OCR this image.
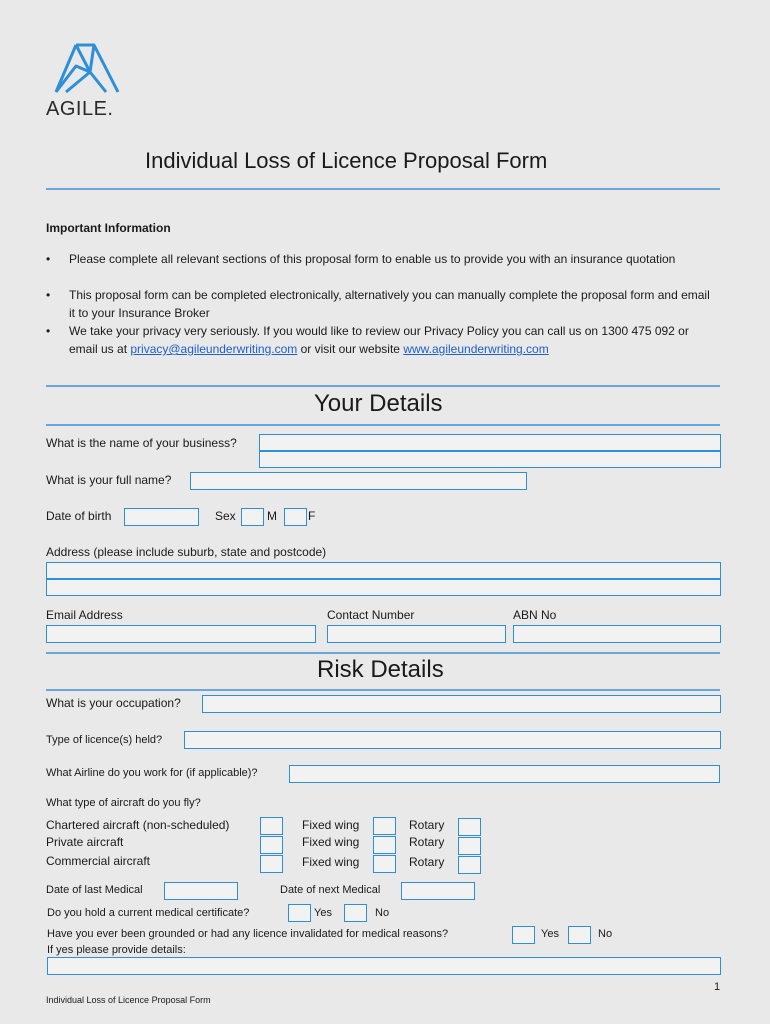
AGILE.
Individual Loss of Licence Proposal Form
Important Information
• Please complete all relevant sections of this proposal form to enable us to provide you with an insurance quotation
• This proposal form can be completed electronically, alternatively you can manually complete the proposal form and email it to your Insurance Broker
• We take your privacy very seriously. If you would like to review our Privacy Policy you can call us on 1300 475 092 or email us at privacy@agileunderwriting.com or visit our website www.agileunderwriting.com
Your Details
What is the name of your business?
What is your full name?
Date of birth	Sex	M	F
Address (please include suburb, state and postcode)
Email Address	Contact Number	ABN No
Risk Details
What is your occupation?
Type of licence(s) held?
What Airline do you work for (if applicable)?
What type of aircraft do you fly?
Chartered aircraft (non-scheduled)	Fixed wing	Rotary
Private aircraft	Fixed wing	Rotary
Commercial aircraft	Fixed wing	Rotary
Date of last Medical	Date of next Medical
Do you hold a current medical certificate?	Yes	No
Have you ever been grounded or had any licence invalidated for medical reasons?	Yes	No
If yes please provide details:
1
Individual Loss of Licence Proposal Form
